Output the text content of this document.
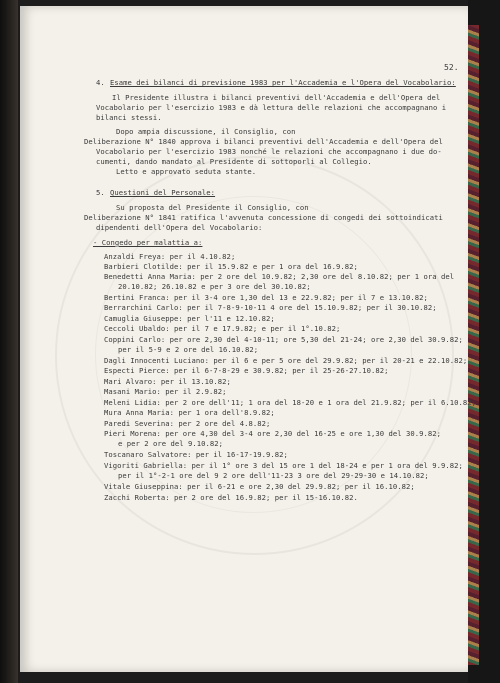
52.
4. Esame dei bilanci di previsione 1983 per l'Accademia e l'Opera del Vocabolario:
Il Presidente illustra i bilanci preventivi dell'Accademia e dell'Opera del
Vocabolario per l'esercizio 1983 e dà lettura delle relazioni che accompagnano i
bilanci stessi.
Dopo ampia discussione, il Consiglio, con
Deliberazione N° 1840 approva i bilanci preventivi dell'Accademia e dell'Opera del
Vocabolario per l'esercizio 1983 nonché le relazioni che accompagnano i due do-
cumenti, dando mandato al Presidente di sottoporli al Collegio.
Letto e approvato seduta stante.
5. Questioni del Personale:
Su proposta del Presidente il Consiglio, con
Deliberazione N° 1841 ratifica l'avvenuta concessione di congedi dei sottoindicati
dipendenti dell'Opera del Vocabolario:
- Congedo per malattia a:
Anzaldi Freya: per il 4.10.82;
Barbieri Clotilde: per il 15.9.82 e per 1 ora del 16.9.82;
Benedetti Anna Maria: per 2 ore del 10.9.82; 2,30 ore del 8.10.82; per 1 ora del
20.10.82; 26.10.82 e per 3 ore del 30.10.82;
Bertini Franca: per il 3-4 ore 1,30 del 13 e 22.9.82; per il 7 e 13.10.82;
Berrarchini Carlo: per il 7-8-9-10-11 4 ore del 15.10.9.82; per il 30.10.82;
Camuglia Giuseppe: per l'11 e 12.10.82;
Ceccoli Ubaldo: per il 7 e 17.9.82; e per il 1°.10.82;
Coppini Carlo: per ore 2,30 del 4-10-11; ore 5,30 del 21-24; ore 2,30 del 30.9.82;
per il 5-9 e 2 ore del 16.10.82;
Dagli Innocenti Luciano: per il 6 e per 5 ore del 29.9.82; per il 20-21 e 22.10.82;
Especti Pierce: per il 6-7-8-29 e 30.9.82; per il 25-26-27.10.82;
Mari Alvaro: per il 13.10.82;
Masani Mario: per il 2.9.82;
Meleni Lidia: per 2 ore dell'11; 1 ora del 18-20 e 1 ora del 21.9.82; per il 6.10.82;
Mura Anna Maria: per 1 ora dell'8.9.82;
Paredi Severina: per 2 ore del 4.8.82;
Pieri Morena: per ore 4,30 del 3-4 ore 2,30 del 16-25 e ore 1,30 del 30.9.82;
e per 2 ore del 9.10.82;
Toscanaro Salvatore: per il 16-17-19.9.82;
Vigoriti Gabriella: per il 1° ore 3 del 15 ore 1 del 18-24 e per 1 ora del 9.9.82;
per il 1°-2-1 ore del 9 2 ore dell'11-23 3 ore del 29-29-30 e 14.10.82;
Vitale Giuseppina: per il 6-21 e ore 2,30 del 29.9.82; per il 16.10.82;
Zacchi Roberta: per 2 ore del 16.9.82; per il 15-16.10.82.
